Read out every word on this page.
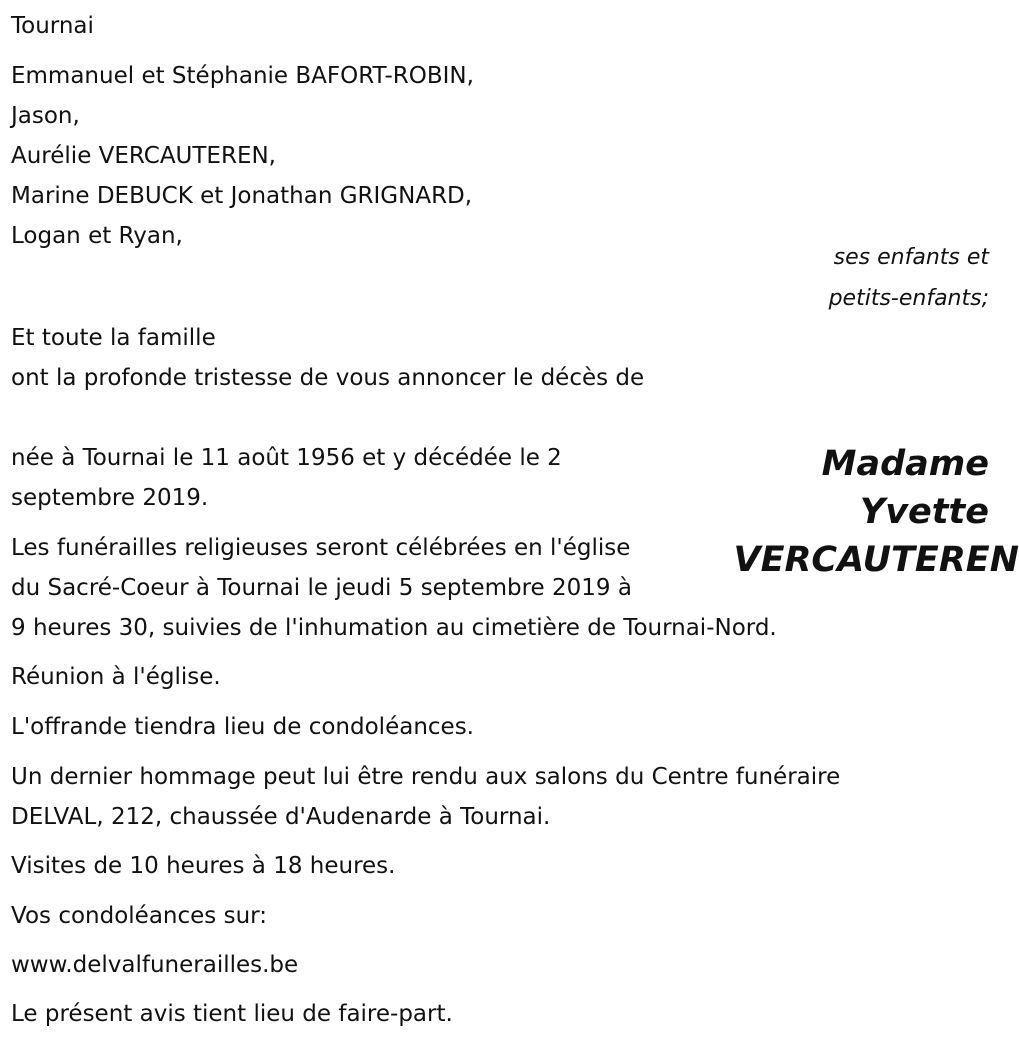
Tournai
Emmanuel et Stéphanie BAFORT-ROBIN,
Jason,
Aurélie VERCAUTEREN,
Marine DEBUCK et Jonathan GRIGNARD,
Logan et Ryan,
ses enfants et
petits-enfants;
Et toute la famille
ont la profonde tristesse de vous annoncer le décès de
Madame
Yvette
VERCAUTEREN
née à Tournai le 11 août 1956 et y décédée le 2
septembre 2019.
Les funérailles religieuses seront célébrées en l'église
du Sacré-Coeur à Tournai le jeudi 5 septembre 2019 à
9 heures 30, suivies de l'inhumation au cimetière de Tournai-Nord.
Réunion à l'église.
L'offrande tiendra lieu de condoléances.
Un dernier hommage peut lui être rendu aux salons du Centre funéraire
DELVAL, 212, chaussée d'Audenarde à Tournai.
Visites de 10 heures à 18 heures.
Vos condoléances sur:
www.delvalfunerailles.be
Le présent avis tient lieu de faire-part.
